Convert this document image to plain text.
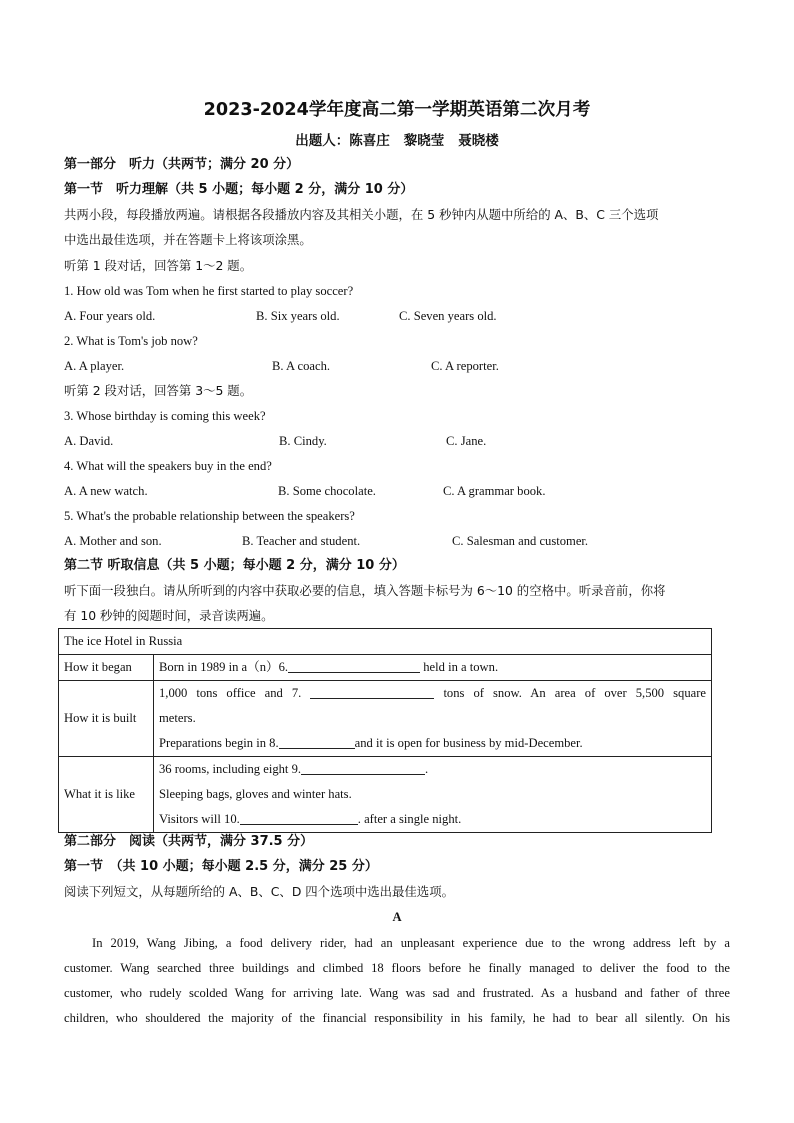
2023-2024学年度高二第一学期英语第二次月考
出题人：陈喜庄 黎晓莹 聂晓楼
第一部分　听力（共两节；满分 20 分）
第一节　听力理解（共 5 小题；每小题 2 分，满分 10 分）
共两小段，每段播放两遍。请根据各段播放内容及其相关小题，在 5 秒钟内从题中所给的 A、B、C 三个选项
中选出最佳选项，并在答题卡上将该项涂黑。
听第 1 段对话，回答第 1～2 题。
1. How old was Tom when he first started to play soccer?
A. Four years old.	B. Six years old.	C. Seven years old.
2. What is Tom's job now?
A. A player.	B. A coach.	C. A reporter.
听第 2 段对话，回答第 3～5 题。
3. Whose birthday is coming this week?
A. David.	B. Cindy.	C. Jane.
4. What will the speakers buy in the end?
A. A new watch.	B. Some chocolate.	C. A grammar book.
5. What's the probable relationship between the speakers?
A. Mother and son.	B. Teacher and student.	C. Salesman and customer.
第二节 听取信息（共 5 小题；每小题 2 分，满分 10 分）
听下面一段独白。请从所听到的内容中获取必要的信息，填入答题卡标号为 6～10 的空格中。听录音前，你将
有 10 秒钟的阅题时间，录音读两遍。
The ice Hotel in Russia	
How it began	Born in 1989 in a（n）6. held in a town.
How it is built	1,000 tons office and 7. tons of snow. An area of over 5,500 square
meters.
Preparations begin in 8. and it is open for business by mid-December.

What it is like	36 rooms, including eight 9. .
Sleeping bags, gloves and winter hats.
Visitors will 10. . after a single night.
第二部分　阅读（共两节，满分 37.5 分）
第一节　（共 10 小题；每小题 2.5 分，满分 25 分）
阅读下列短文，从每题所给的 A、B、C、D 四个选项中选出最佳选项。
A
In 2019, Wang Jibing, a food delivery rider, had an unpleasant experience due to the wrong address left by a
customer. Wang searched three buildings and climbed 18 floors before he finally managed to deliver the food to the
customer, who rudely scolded Wang for arriving late. Wang was sad and frustrated. As a husband and father of three
children, who shouldered the majority of the financial responsibility in his family, he had to bear all silently. On his
